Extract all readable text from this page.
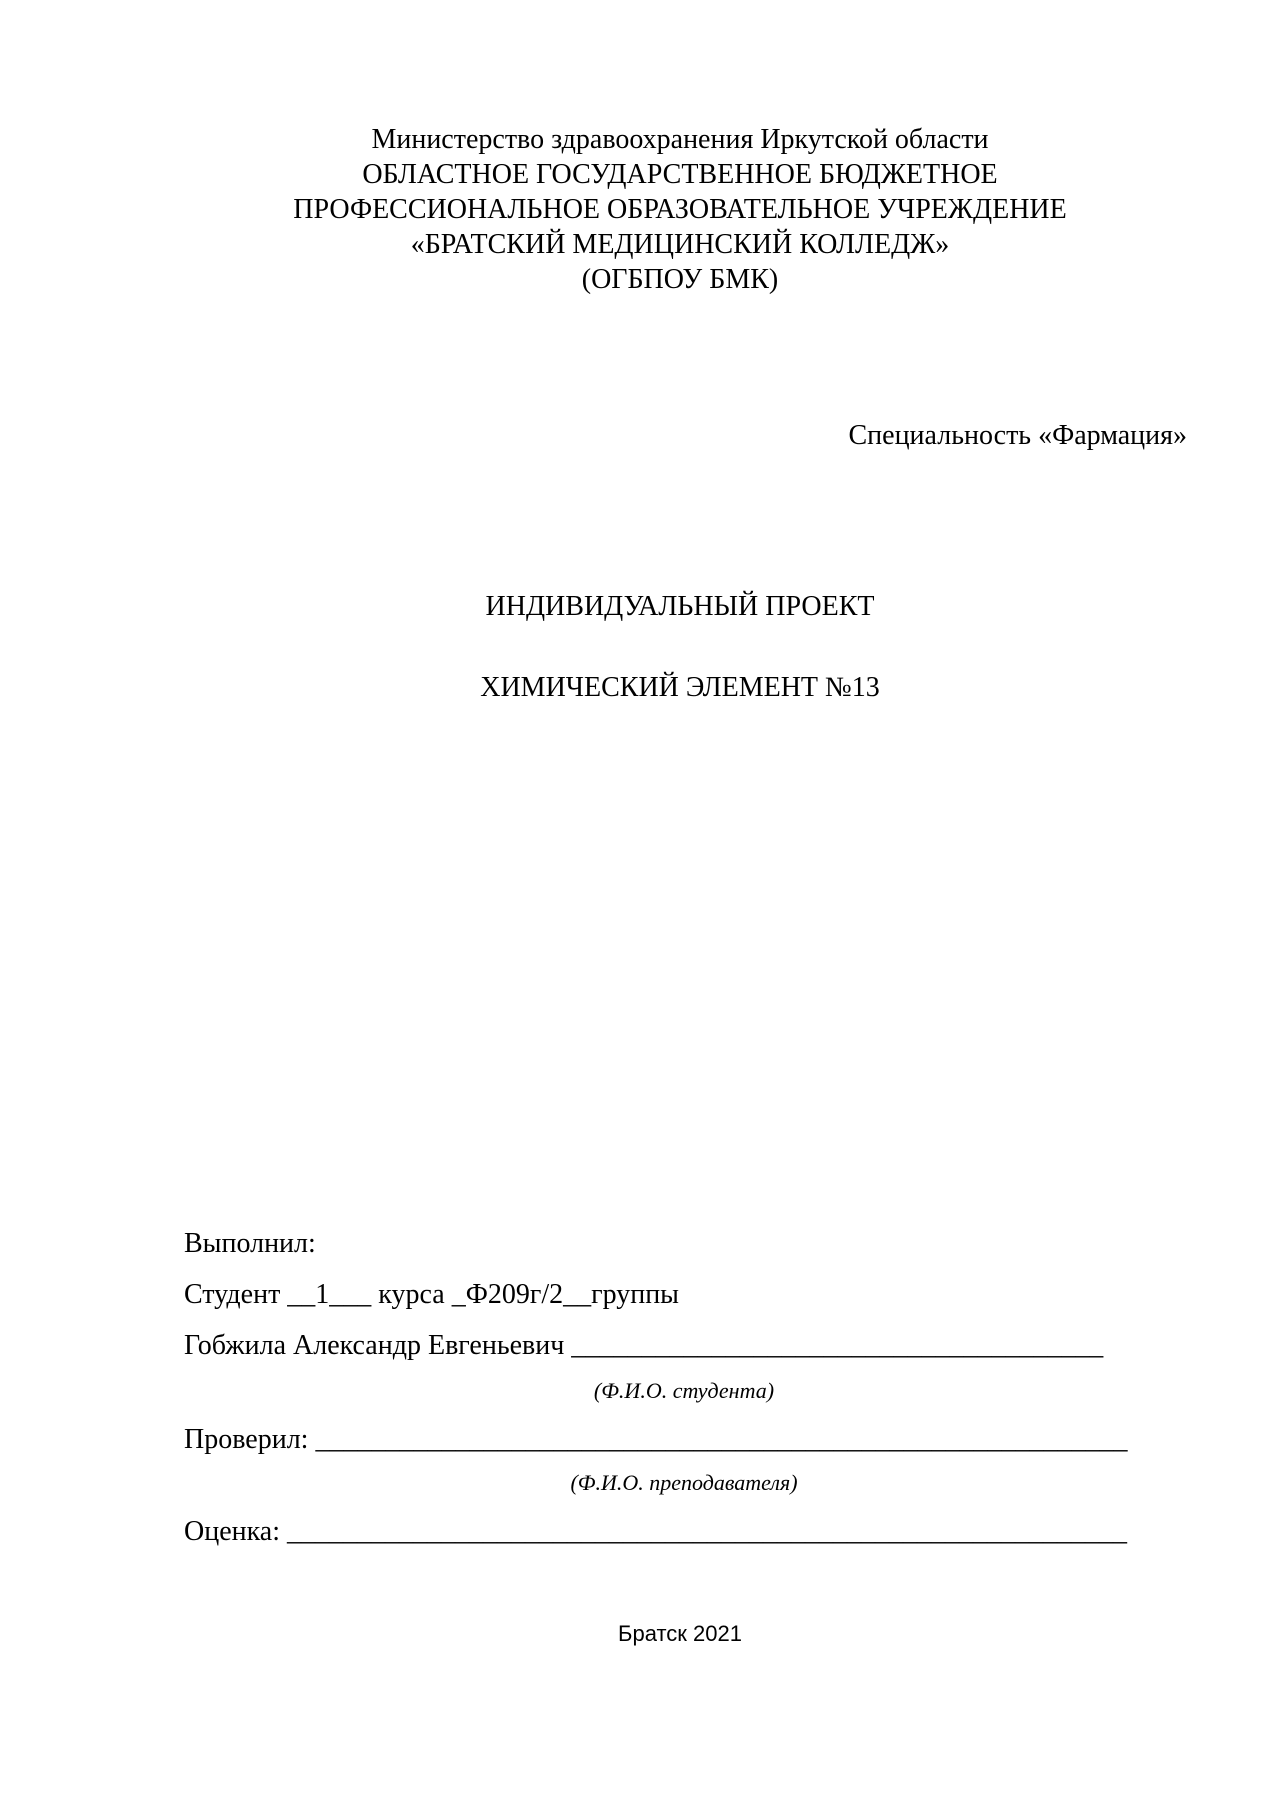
Министерство здравоохранения Иркутской области
ОБЛАСТНОЕ ГОСУДАРСТВЕННОЕ БЮДЖЕТНОЕ
ПРОФЕССИОНАЛЬНОЕ ОБРАЗОВАТЕЛЬНОЕ УЧРЕЖДЕНИЕ
«БРАТСКИЙ МЕДИЦИНСКИЙ КОЛЛЕДЖ»
(ОГБПОУ БМК)
Специальность «Фармация»
ИНДИВИДУАЛЬНЫЙ ПРОЕКТ
ХИМИЧЕСКИЙ ЭЛЕМЕНТ №13
Выполнил:
Студент __1___ курса _Ф209г/2__группы
Гобжила Александр Евгеньевич ______________________________________
(Ф.И.О. студента)
Проверил: __________________________________________________________
(Ф.И.О. преподавателя)
Оценка: ____________________________________________________________
Братск 2021
